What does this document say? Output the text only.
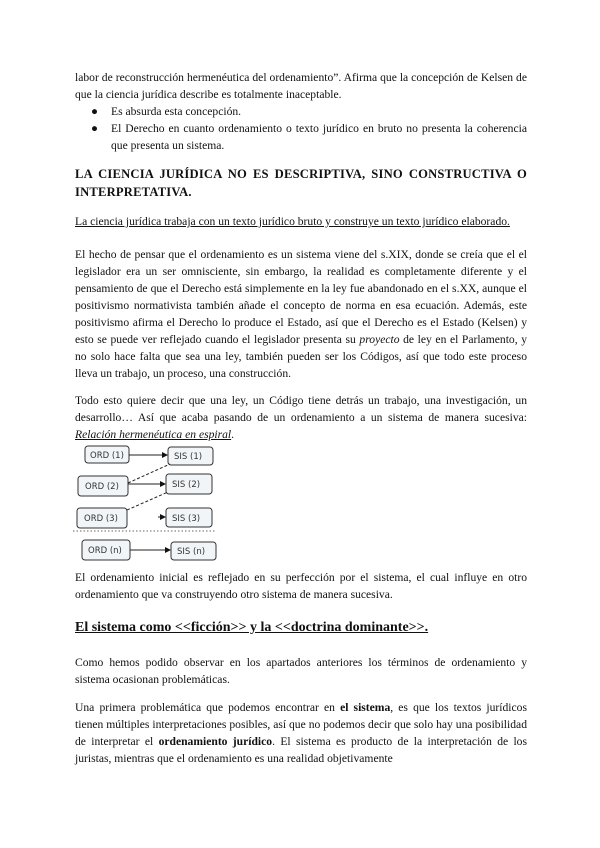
labor de reconstrucción hermenéutica del ordenamiento”. Afirma que la concepción de Kelsen de que la ciencia jurídica describe es totalmente inaceptable.
● Es absurda esta concepción.
● El Derecho en cuanto ordenamiento o texto jurídico en bruto no presenta la coherencia que presenta un sistema.
LA CIENCIA JURÍDICA NO ES DESCRIPTIVA, SINO CONSTRUCTIVA O INTERPRETATIVA.
La ciencia jurídica trabaja con un texto jurídico bruto y construye un texto jurídico elaborado.
El hecho de pensar que el ordenamiento es un sistema viene del s.XIX, donde se creía que el el legislador era un ser omnisciente, sin embargo, la realidad es completamente diferente y el pensamiento de que el Derecho está simplemente en la ley fue abandonado en el s.XX, aunque el positivismo normativista también añade el concepto de norma en esa ecuación. Además, este positivismo afirma el Derecho lo produce el Estado, así que el Derecho es el Estado (Kelsen) y esto se puede ver reflejado cuando el legislador presenta su proyecto de ley en el Parlamento, y no solo hace falta que sea una ley, también pueden ser los Códigos, así que todo este proceso lleva un trabajo, un proceso, una construcción.
Todo esto quiere decir que una ley, un Código tiene detrás un trabajo, una investigación, un desarrollo… Así que acaba pasando de un ordenamiento a un sistema de manera sucesiva: Relación hermenéutica en espiral.
ORD (1)	SIS (1)
ORD (2)	SIS (2)
ORD (3)	SIS (3)
ORD (n)	SIS (n)
El ordenamiento inicial es reflejado en su perfección por el sistema, el cual influye en otro ordenamiento que va construyendo otro sistema de manera sucesiva.
El sistema como <<ficción>> y la <<doctrina dominante>>.
Como hemos podido observar en los apartados anteriores los términos de ordenamiento y sistema ocasionan problemáticas.
Una primera problemática que podemos encontrar en el sistema, es que los textos jurídicos tienen múltiples interpretaciones posibles, así que no podemos decir que solo hay una posibilidad de interpretar el ordenamiento jurídico. El sistema es producto de la interpretación de los juristas, mientras que el ordenamiento es una realidad objetivamente
